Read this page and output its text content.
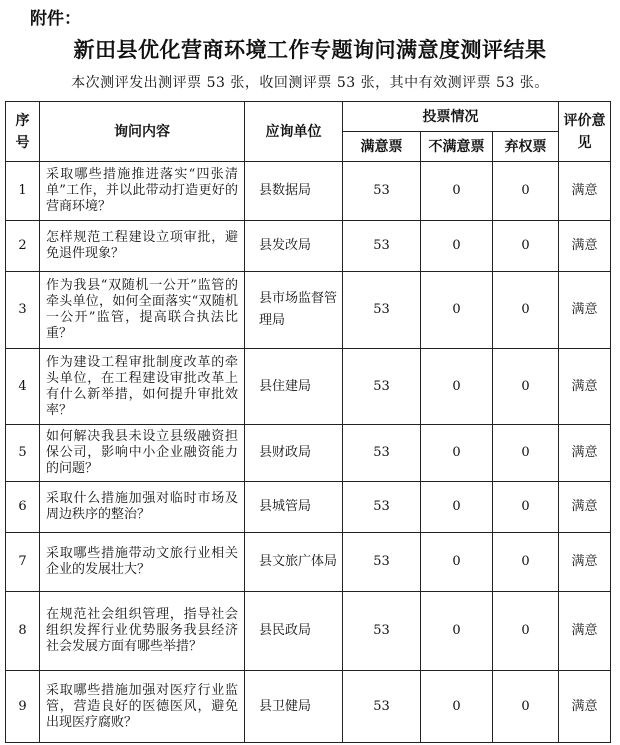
附件：
新田县优化营商环境工作专题询问满意度测评结果
本次测评发出测评票 53 张，收回测评票 53 张，其中有效测评票 53 张。
序号	询问内容	应询单位	投票情况			评价意见

			满意票	不满意票	弃权票	
1	采取哪些措施推进落实“四张清单”工作，并以此带动打造更好的营商环境？	县数据局	53	0	0	满意
2	怎样规范工程建设立项审批，避免退件现象？	县发改局	53	0	0	满意
3	作为我县“双随机一公开”监管的牵头单位，如何全面落实“双随机一公开”监管，提高联合执法比重？	县市场监督管理局	53	0	0	满意
4	作为建设工程审批制度改革的牵头单位，在工程建设审批改革上有什么新举措，如何提升审批效率？	县住建局	53	0	0	满意
5	如何解决我县未设立县级融资担保公司，影响中小企业融资能力的问题？	县财政局	53	0	0	满意
6	采取什么措施加强对临时市场及周边秩序的整治？	县城管局	53	0	0	满意
7	采取哪些措施带动文旅行业相关企业的发展壮大？	县文旅广体局	53	0	0	满意
8	在规范社会组织管理，指导社会组织发挥行业优势服务我县经济社会发展方面有哪些举措？	县民政局	53	0	0	满意
9	采取哪些措施加强对医疗行业监管，营造良好的医德医风，避免出现医疗腐败？	县卫健局	53	0	0	满意
